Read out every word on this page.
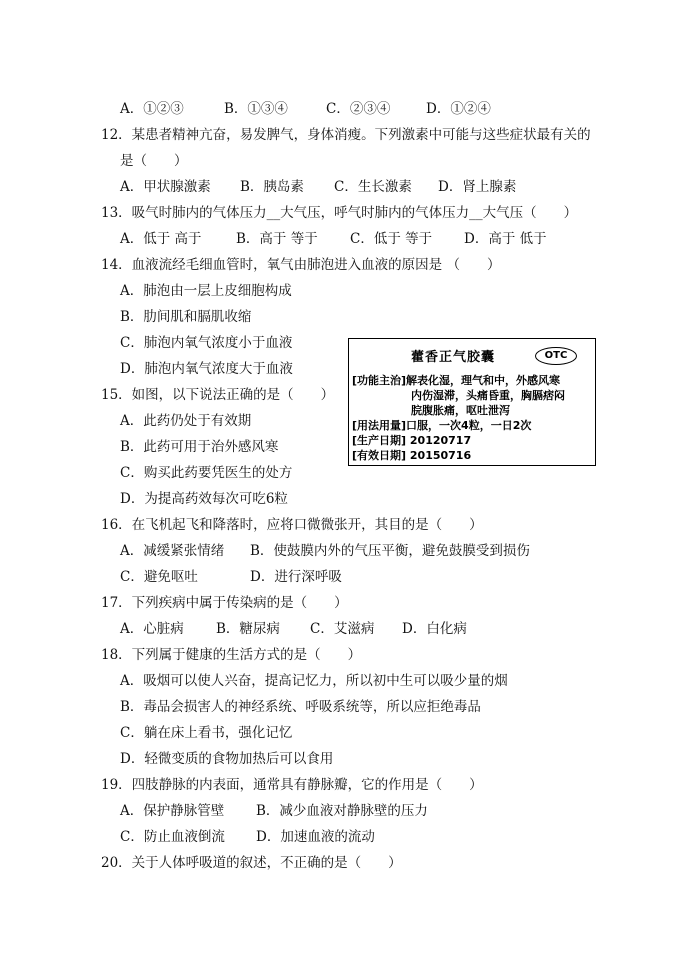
A．①②③	B．①③④	C．②③④	D．①②④
12．某患者精神亢奋，易发脾气，身体消瘦。下列激素中可能与这些症状最有关的
是（　　）
A．甲状腺激素 B．胰岛素 C．生长激素 D．肾上腺素
13．吸气时肺内的气体压力__大气压，呼气时肺内的气体压力__大气压（　　）
A．低于 高于	B．高于 等于 C．低于 等于 D．高于 低于
14．血液流经毛细血管时，氧气由肺泡进入血液的原因是 （　　）
A．肺泡由一层上皮细胞构成
B．肋间肌和膈肌收缩
C．肺泡内氧气浓度小于血液
D．肺泡内氧气浓度大于血液
15．如图，以下说法正确的是（　　）
A．此药仍处于有效期
B．此药可用于治外感风寒
C．购买此药要凭医生的处方
D．为提高药效每次可吃6粒
藿香正气胶囊	OTC
[功能主治]解表化湿，理气和中，外感风寒
内伤湿滞，头痛昏重，胸膈痞闷
脘腹胀痛，呕吐泄泻
[用法用量]口服，一次4粒，一日2次
[生产日期] 20120717
[有效日期] 20150716
16．在飞机起飞和降落时，应将口微微张开，其目的是（　　）
A．减缓紧张情绪 B．使鼓膜内外的气压平衡，避免鼓膜受到损伤
C．避免呕吐	D．进行深呼吸
17．下列疾病中属于传染病的是（　　）
A．心脏病 B．糖尿病 C．艾滋病 D．白化病
18．下列属于健康的生活方式的是（　　）
A．吸烟可以使人兴奋，提高记忆力，所以初中生可以吸少量的烟
B．毒品会损害人的神经系统、呼吸系统等，所以应拒绝毒品
C．躺在床上看书，强化记忆
D．轻微变质的食物加热后可以食用
19．四肢静脉的内表面，通常具有静脉瓣，它的作用是（　　）
A．保护静脉管壁 B．减少血液对静脉壁的压力
C．防止血液倒流 D．加速血液的流动
20．关于人体呼吸道的叙述，不正确的是（　　）
